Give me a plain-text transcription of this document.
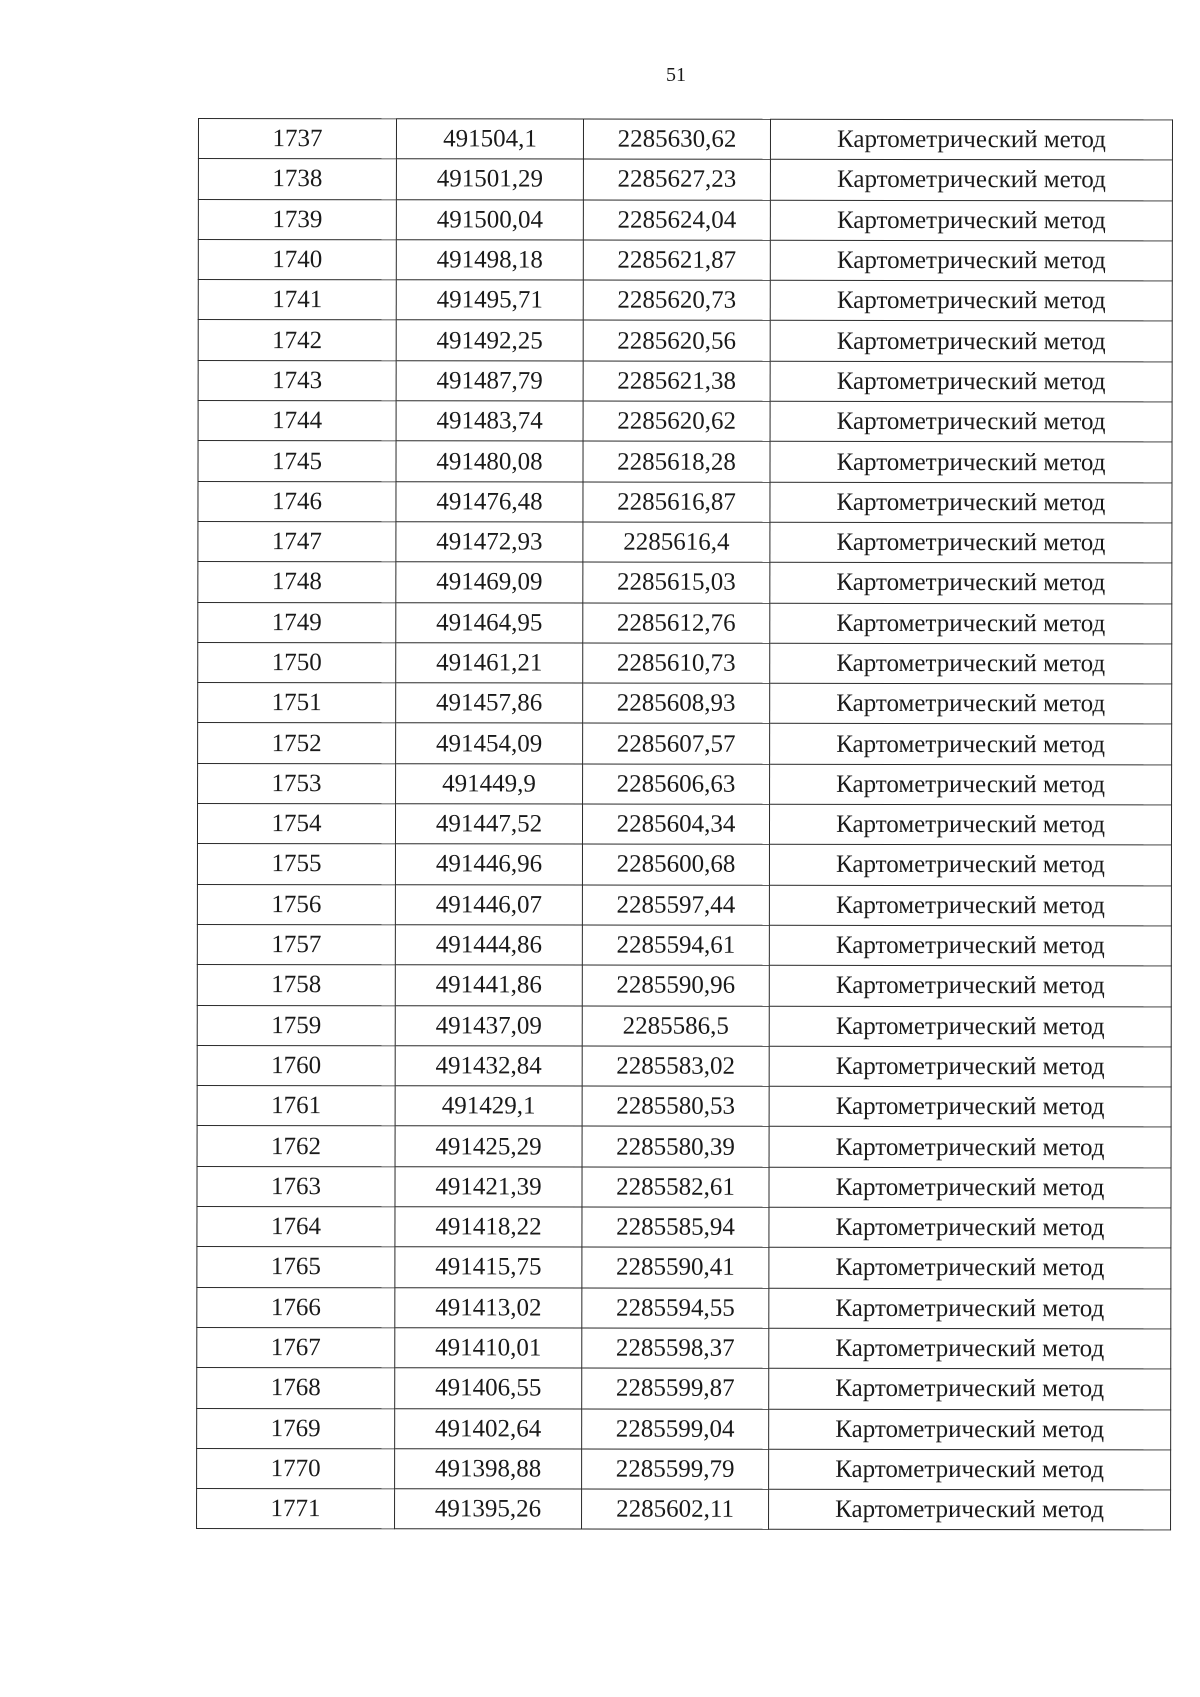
51
1737	491504,1	2285630,62	Картометрический метод
1738	491501,29	2285627,23	Картометрический метод
1739	491500,04	2285624,04	Картометрический метод
1740	491498,18	2285621,87	Картометрический метод
1741	491495,71	2285620,73	Картометрический метод
1742	491492,25	2285620,56	Картометрический метод
1743	491487,79	2285621,38	Картометрический метод
1744	491483,74	2285620,62	Картометрический метод
1745	491480,08	2285618,28	Картометрический метод
1746	491476,48	2285616,87	Картометрический метод
1747	491472,93	2285616,4	Картометрический метод
1748	491469,09	2285615,03	Картометрический метод
1749	491464,95	2285612,76	Картометрический метод
1750	491461,21	2285610,73	Картометрический метод
1751	491457,86	2285608,93	Картометрический метод
1752	491454,09	2285607,57	Картометрический метод
1753	491449,9	2285606,63	Картометрический метод
1754	491447,52	2285604,34	Картометрический метод
1755	491446,96	2285600,68	Картометрический метод
1756	491446,07	2285597,44	Картометрический метод
1757	491444,86	2285594,61	Картометрический метод
1758	491441,86	2285590,96	Картометрический метод
1759	491437,09	2285586,5	Картометрический метод
1760	491432,84	2285583,02	Картометрический метод
1761	491429,1	2285580,53	Картометрический метод
1762	491425,29	2285580,39	Картометрический метод
1763	491421,39	2285582,61	Картометрический метод
1764	491418,22	2285585,94	Картометрический метод
1765	491415,75	2285590,41	Картометрический метод
1766	491413,02	2285594,55	Картометрический метод
1767	491410,01	2285598,37	Картометрический метод
1768	491406,55	2285599,87	Картометрический метод
1769	491402,64	2285599,04	Картометрический метод
1770	491398,88	2285599,79	Картометрический метод
1771	491395,26	2285602,11	Картометрический метод
